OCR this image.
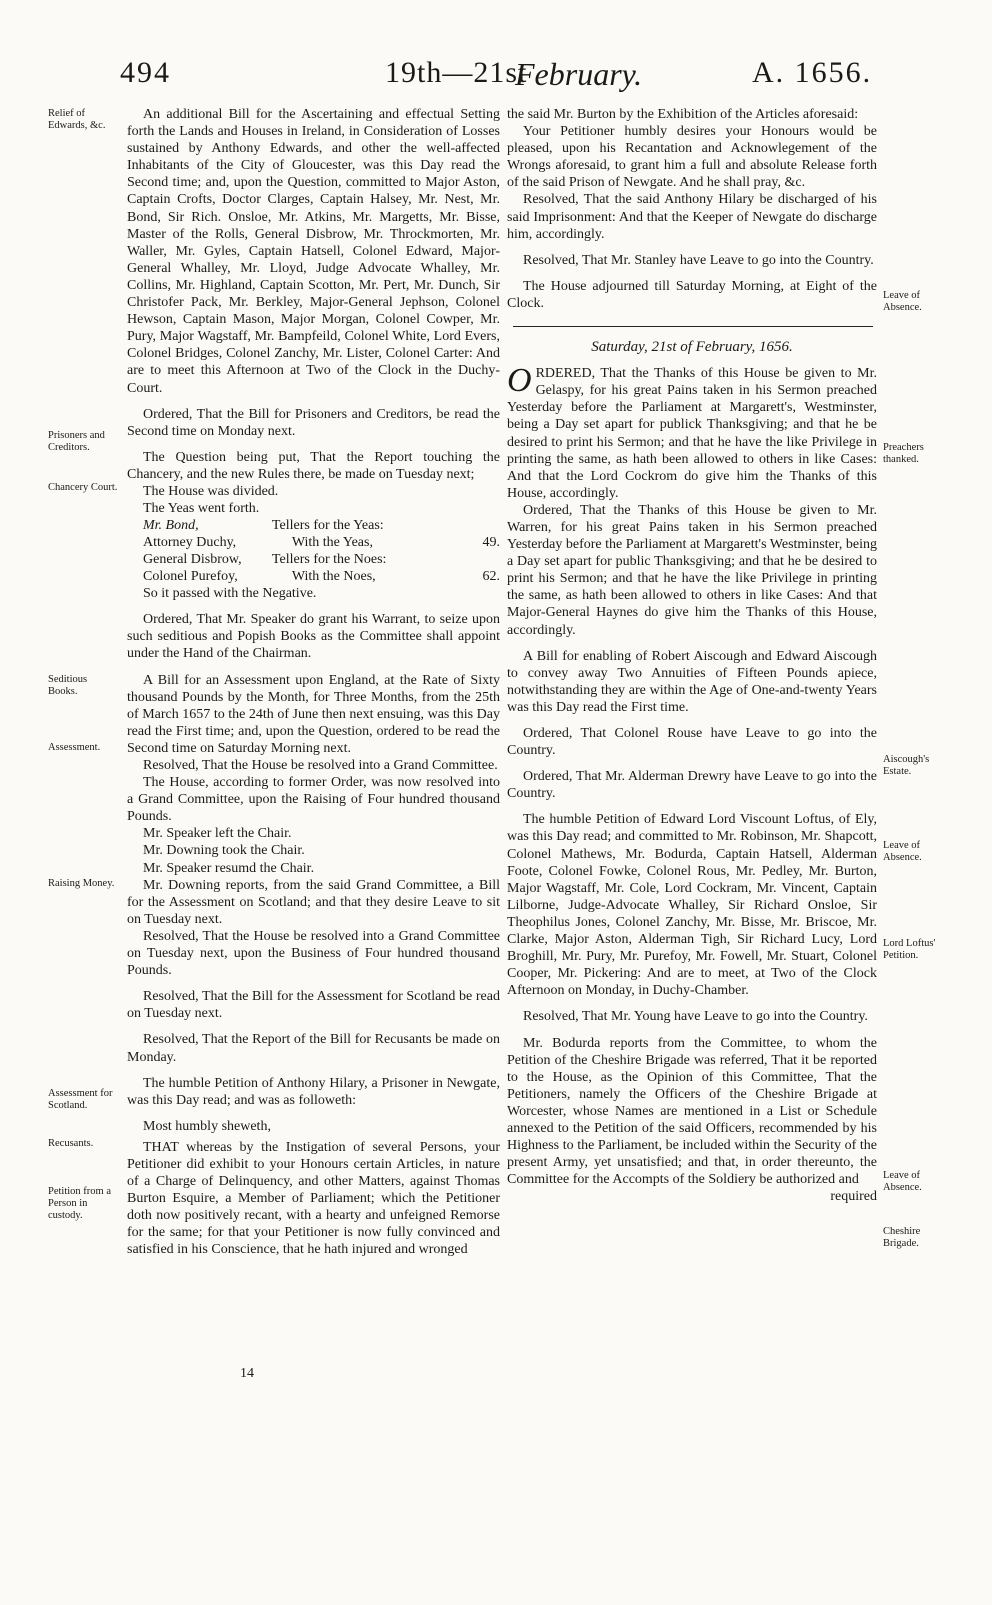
494	19th—21st
February.	A. 1656.
Relief of Edwards, &c.
Prisoners and Creditors.
Chancery Court.
Seditious Books.
Assessment.
Raising Money.
Assessment for Scotland.
Recusants.
Petition from a Person in custody.
Leave of Absence.
Preachers thanked.
Aiscough's Estate.
Leave of Absence.
Lord Loftus' Petition.
Leave of Absence.
Cheshire Brigade.

An additional Bill for the Ascertaining and effectual Setting forth the Lands and Houses in Ireland, in Consideration of Losses sustained by Anthony Edwards, and other the well-affected Inhabitants of the City of Gloucester, was this Day read the Second time; and, upon the Question, committed to Major Aston, Captain Crofts, Doctor Clarges, Captain Halsey, Mr. Nest, Mr. Bond, Sir Rich. Onsloe, Mr. Atkins, Mr. Margetts, Mr. Bisse, Master of the Rolls, General Disbrow, Mr. Throckmorten, Mr. Waller, Mr. Gyles, Captain Hatsell, Colonel Edward, Major-General Whalley, Mr. Lloyd, Judge Advocate Whalley, Mr. Collins, Mr. Highland, Captain Scotton, Mr. Pert, Mr. Dunch, Sir Christofer Pack, Mr. Berkley, Major-General Jephson, Colonel Hewson, Captain Mason, Major Morgan, Colonel Cowper, Mr. Pury, Major Wagstaff, Mr. Bampfeild, Colonel White, Lord Evers, Colonel Bridges, Colonel Zanchy, Mr. Lister, Colonel Carter: And are to meet this Afternoon at Two of the Clock in the Duchy-Court.

Ordered, That the Bill for Prisoners and Creditors, be read the Second time on Monday next.

The Question being put, That the Report touching the Chancery, and the new Rules there, be made on Tuesday next;

The House was divided.

The Yeas went forth.

Mr. Bond,	Tellers for the Yeas:
Attorney Duchy,	With the Yeas,	49.
General Disbrow,	Tellers for the Noes:
Colonel Purefoy,	With the Noes,	62.

So it passed with the Negative.

Ordered, That Mr. Speaker do grant his Warrant, to seize upon such seditious and Popish Books as the Committee shall appoint under the Hand of the Chairman.

A Bill for an Assessment upon England, at the Rate of Sixty thousand Pounds by the Month, for Three Months, from the 25th of March 1657 to the 24th of June then next ensuing, was this Day read the First time; and, upon the Question, ordered to be read the Second time on Saturday Morning next.

Resolved, That the House be resolved into a Grand Committee.

The House, according to former Order, was now resolved into a Grand Committee, upon the Raising of Four hundred thousand Pounds.

Mr. Speaker left the Chair.

Mr. Downing took the Chair.

Mr. Speaker resumd the Chair.

Mr. Downing reports, from the said Grand Committee, a Bill for the Assessment on Scotland; and that they desire Leave to sit on Tuesday next.

Resolved, That the House be resolved into a Grand Committee on Tuesday next, upon the Business of Four hundred thousand Pounds.

Resolved, That the Bill for the Assessment for Scotland be read on Tuesday next.

Resolved, That the Report of the Bill for Recusants be made on Monday.

The humble Petition of Anthony Hilary, a Prisoner in Newgate, was this Day read; and was as followeth:

Most humbly sheweth,

THAT whereas by the Instigation of several Persons, your Petitioner did exhibit to your Honours certain Articles, in nature of a Charge of Delinquency, and other Matters, against Thomas Burton Esquire, a Member of Parliament; which the Petitioner doth now positively recant, with a hearty and unfeigned Remorse for the same; for that your Petitioner is now fully convinced and satisfied in his Conscience, that he hath injured and wronged

14

the said Mr. Burton by the Exhibition of the Articles aforesaid:

Your Petitioner humbly desires your Honours would be pleased, upon his Recantation and Acknowlegement of the Wrongs aforesaid, to grant him a full and absolute Release forth of the said Prison of Newgate. And he shall pray, &c.

Resolved, That the said Anthony Hilary be discharged of his said Imprisonment: And that the Keeper of Newgate do discharge him, accordingly.

Resolved, That Mr. Stanley have Leave to go into the Country.

The House adjourned till Saturday Morning, at Eight of the Clock.

Saturday, 21st of February, 1656.

ORDERED, That the Thanks of this House be given to Mr. Gelaspy, for his great Pains taken in his Sermon preached Yesterday before the Parliament at Margarett's, Westminster, being a Day set apart for publick Thanksgiving; and that he be desired to print his Sermon; and that he have the like Privilege in printing the same, as hath been allowed to others in like Cases: And that the Lord Cockrom do give him the Thanks of this House, accordingly.

Ordered, That the Thanks of this House be given to Mr. Warren, for his great Pains taken in his Sermon preached Yesterday before the Parliament at Margarett's Westminster, being a Day set apart for public Thanksgiving; and that he be desired to print his Sermon; and that he have the like Privilege in printing the same, as hath been allowed to others in like Cases: And that Major-General Haynes do give him the Thanks of this House, accordingly.

A Bill for enabling of Robert Aiscough and Edward Aiscough to convey away Two Annuities of Fifteen Pounds apiece, notwithstanding they are within the Age of One-and-twenty Years was this Day read the First time.

Ordered, That Colonel Rouse have Leave to go into the Country.

Ordered, That Mr. Alderman Drewry have Leave to go into the Country.

The humble Petition of Edward Lord Viscount Loftus, of Ely, was this Day read; and committed to Mr. Robinson, Mr. Shapcott, Colonel Mathews, Mr. Bodurda, Captain Hatsell, Alderman Foote, Colonel Fowke, Colonel Rous, Mr. Pedley, Mr. Burton, Major Wagstaff, Mr. Cole, Lord Cockram, Mr. Vincent, Captain Lilborne, Judge-Advocate Whalley, Sir Richard Onsloe, Sir Theophilus Jones, Colonel Zanchy, Mr. Bisse, Mr. Briscoe, Mr. Clarke, Major Aston, Alderman Tigh, Sir Richard Lucy, Lord Broghill, Mr. Pury, Mr. Purefoy, Mr. Fowell, Mr. Stuart, Colonel Cooper, Mr. Pickering: And are to meet, at Two of the Clock Afternoon on Monday, in Duchy-Chamber.

Resolved, That Mr. Young have Leave to go into the Country.

Mr. Bodurda reports from the Committee, to whom the Petition of the Cheshire Brigade was referred, That it be reported to the House, as the Opinion of this Committee, That the Petitioners, namely the Officers of the Cheshire Brigade at Worcester, whose Names are mentioned in a List or Schedule annexed to the Petition of the said Officers, recommended by his Highness to the Parliament, be included within the Security of the present Army, yet unsatisfied; and that, in order thereunto, the Committee for the Accompts of the Soldiery be authorized and

required
